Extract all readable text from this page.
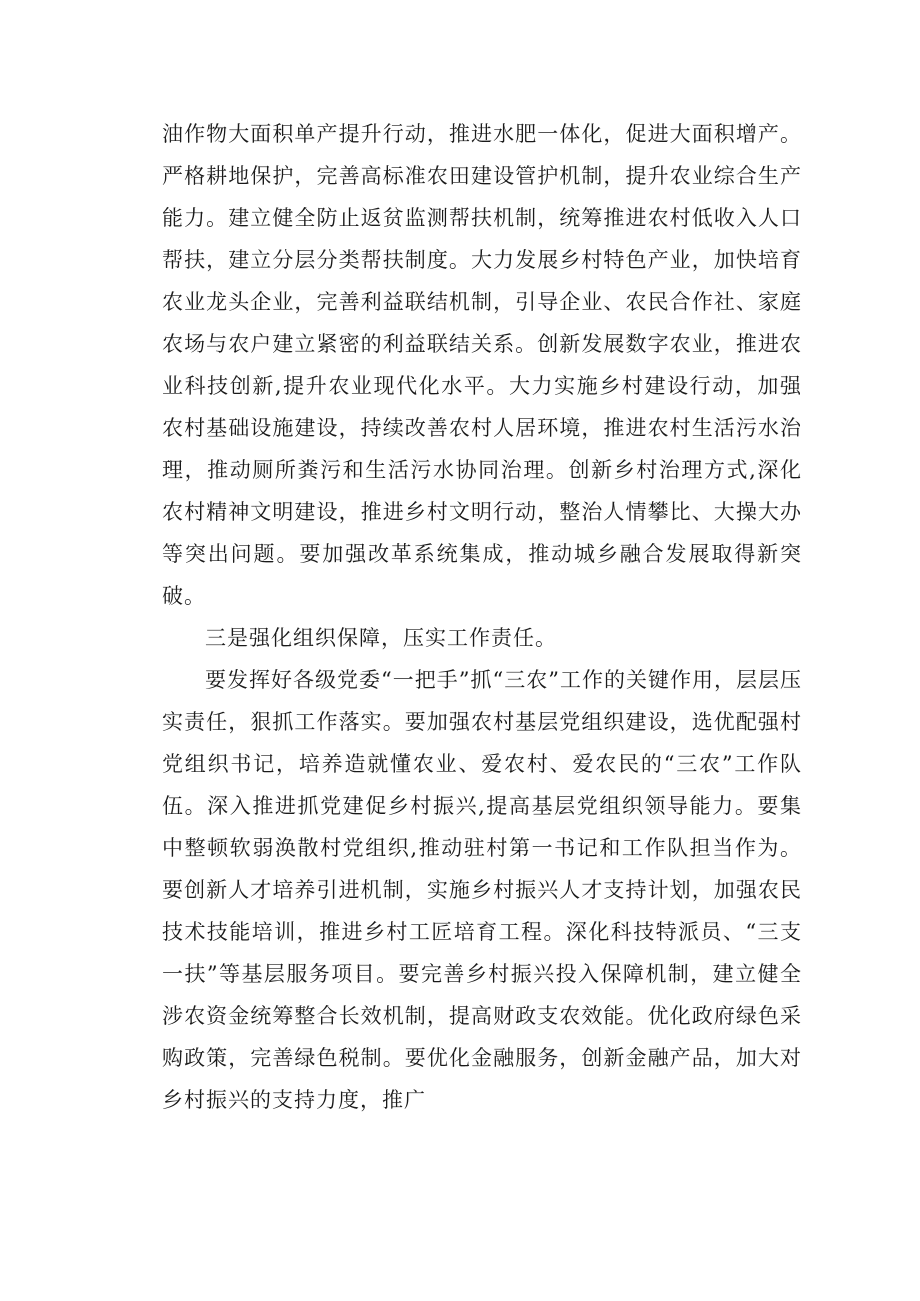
油作物大面积单产提升行动，推进水肥一体化，促进大面积增产。严格耕地保护，完善高标准农田建设管护机制，提升农业综合生产能力。建立健全防止返贫监测帮扶机制，统筹推进农村低收入人口帮扶，建立分层分类帮扶制度。大力发展乡村特色产业，加快培育农业龙头企业，完善利益联结机制，引导企业、农民合作社、家庭农场与农户建立紧密的利益联结关系。创新发展数字农业，推进农业科技创新,提升农业现代化水平。大力实施乡村建设行动，加强农村基础设施建设，持续改善农村人居环境，推进农村生活污水治理，推动厕所粪污和生活污水协同治理。创新乡村治理方式,深化农村精神文明建设，推进乡村文明行动，整治人情攀比、大操大办等突出问题。要加强改革系统集成，推动城乡融合发展取得新突破。

三是强化组织保障，压实工作责任。

要发挥好各级党委“一把手”抓“三农”工作的关键作用，层层压实责任，狠抓工作落实。要加强农村基层党组织建设，选优配强村党组织书记，培养造就懂农业、爱农村、爱农民的“三农”工作队伍。深入推进抓党建促乡村振兴,提高基层党组织领导能力。要集中整顿软弱涣散村党组织,推动驻村第一书记和工作队担当作为。要创新人才培养引进机制，实施乡村振兴人才支持计划，加强农民技术技能培训，推进乡村工匠培育工程。深化科技特派员、“三支一扶”等基层服务项目。要完善乡村振兴投入保障机制，建立健全涉农资金统筹整合长效机制，提高财政支农效能。优化政府绿色采购政策，完善绿色税制。要优化金融服务，创新金融产品，加大对乡村振兴的支持力度，推广
